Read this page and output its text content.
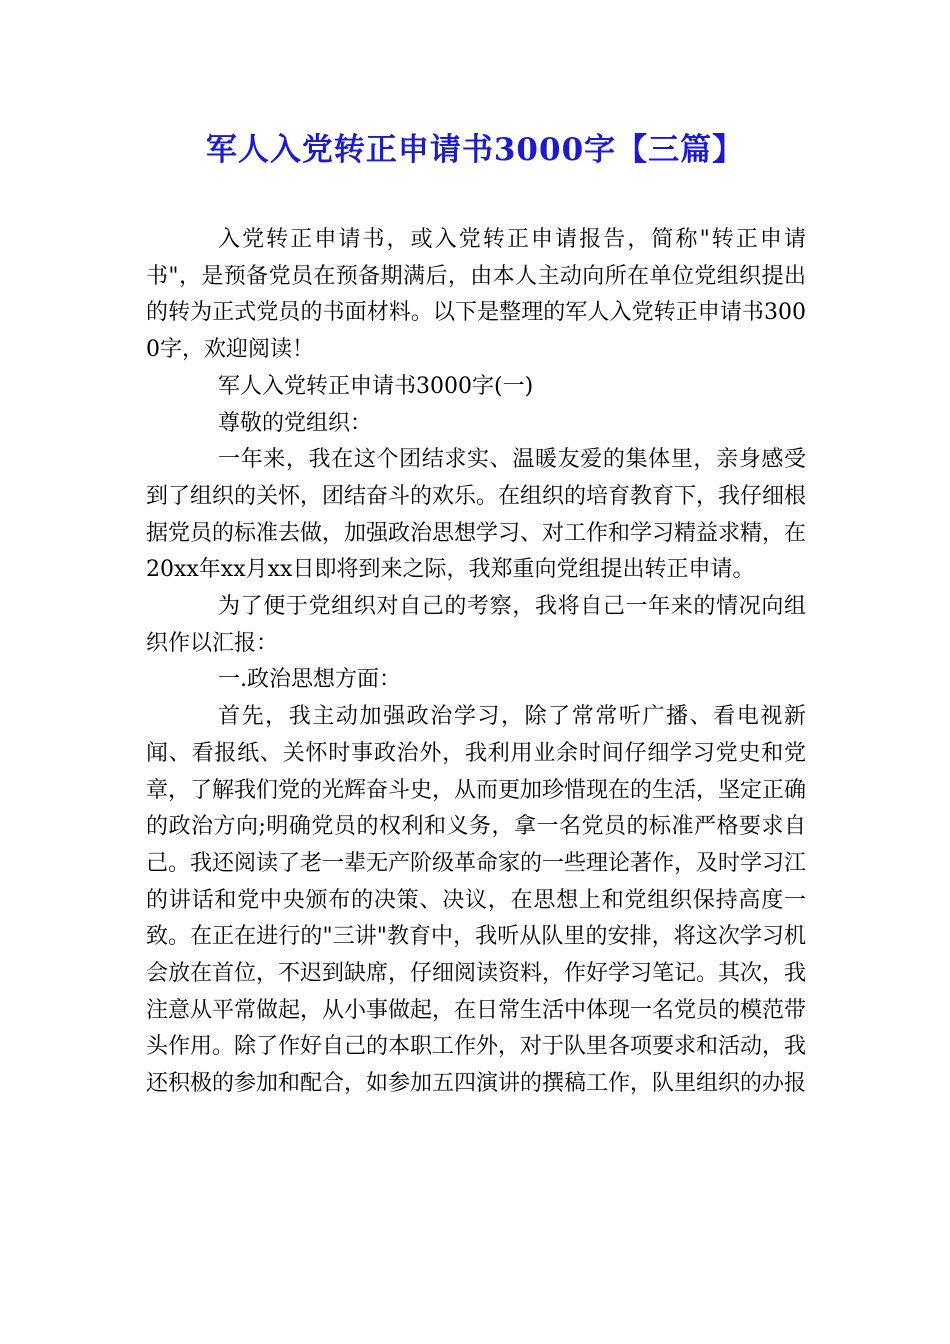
军人入党转正申请书3000字【三篇】

入党转正申请书，或入党转正申请报告，简称"转正申请书"，是预备党员在预备期满后，由本人主动向所在单位党组织提出的转为正式党员的书面材料。以下是整理的军人入党转正申请书3000字，欢迎阅读！

军人入党转正申请书3000字(一)

尊敬的党组织：

一年来，我在这个团结求实、温暖友爱的集体里，亲身感受到了组织的关怀，团结奋斗的欢乐。在组织的培育教育下，我仔细根据党员的标准去做，加强政治思想学习、对工作和学习精益求精，在20xx年xx月xx日即将到来之际，我郑重向党组提出转正申请。

为了便于党组织对自己的考察，我将自己一年来的情况向组织作以汇报：

一.政治思想方面：

首先，我主动加强政治学习，除了常常听广播、看电视新闻、看报纸、关怀时事政治外，我利用业余时间仔细学习党史和党章，了解我们党的光辉奋斗史，从而更加珍惜现在的生活，坚定正确的政治方向;明确党员的权利和义务，拿一名党员的标准严格要求自己。我还阅读了老一辈无产阶级革命家的一些理论著作，及时学习江的讲话和党中央颁布的决策、决议，在思想上和党组织保持高度一致。在正在进行的"三讲"教育中，我听从队里的安排，将这次学习机会放在首位，不迟到缺席，仔细阅读资料，作好学习笔记。其次，我注意从平常做起，从小事做起，在日常生活中体现一名党员的模范带头作用。除了作好自己的本职工作外，对于队里各项要求和活动，我还积极的参加和配合，如参加五四演讲的撰稿工作，队里组织的办报
